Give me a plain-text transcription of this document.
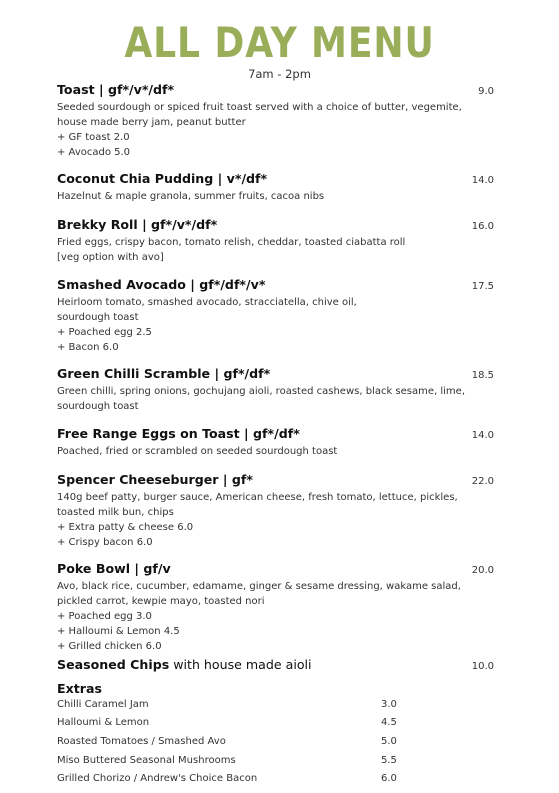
ALL DAY MENU
7am - 2pm
Toast | gf*/v*/df*	9.0
Seeded sourdough or spiced fruit toast served with a choice of butter, vegemite,
house made berry jam, peanut butter
+ GF toast 2.0
+ Avocado 5.0
Coconut Chia Pudding | v*/df*	14.0
Hazelnut & maple granola, summer fruits, cacoa nibs
Brekky Roll | gf*/v*/df*	16.0
Fried eggs, crispy bacon, tomato relish, cheddar, toasted ciabatta roll
[veg option with avo]
Smashed Avocado | gf*/df*/v*	17.5
Heirloom tomato, smashed avocado, stracciatella, chive oil,
sourdough toast
+ Poached egg 2.5
+ Bacon 6.0
Green Chilli Scramble | gf*/df*	18.5
Green chilli, spring onions, gochujang aioli, roasted cashews, black sesame, lime,
sourdough toast
Free Range Eggs on Toast | gf*/df*	14.0
Poached, fried or scrambled on seeded sourdough toast
Spencer Cheeseburger | gf*	22.0
140g beef patty, burger sauce, American cheese, fresh tomato, lettuce, pickles,
toasted milk bun, chips
+ Extra patty & cheese 6.0
+ Crispy bacon 6.0
Poke Bowl | gf/v	20.0
Avo, black rice, cucumber, edamame, ginger & sesame dressing, wakame salad,
pickled carrot, kewpie mayo, toasted nori
+ Poached egg 3.0
+ Halloumi & Lemon 4.5
+ Grilled chicken 6.0
Seasoned Chips with house made aioli	10.0
Extras
Chilli Caramel Jam	3.0
Halloumi & Lemon	4.5
Roasted Tomatoes / Smashed Avo	5.0
Miso Buttered Seasonal Mushrooms	5.5
Grilled Chorizo / Andrew's Choice Bacon	6.0
